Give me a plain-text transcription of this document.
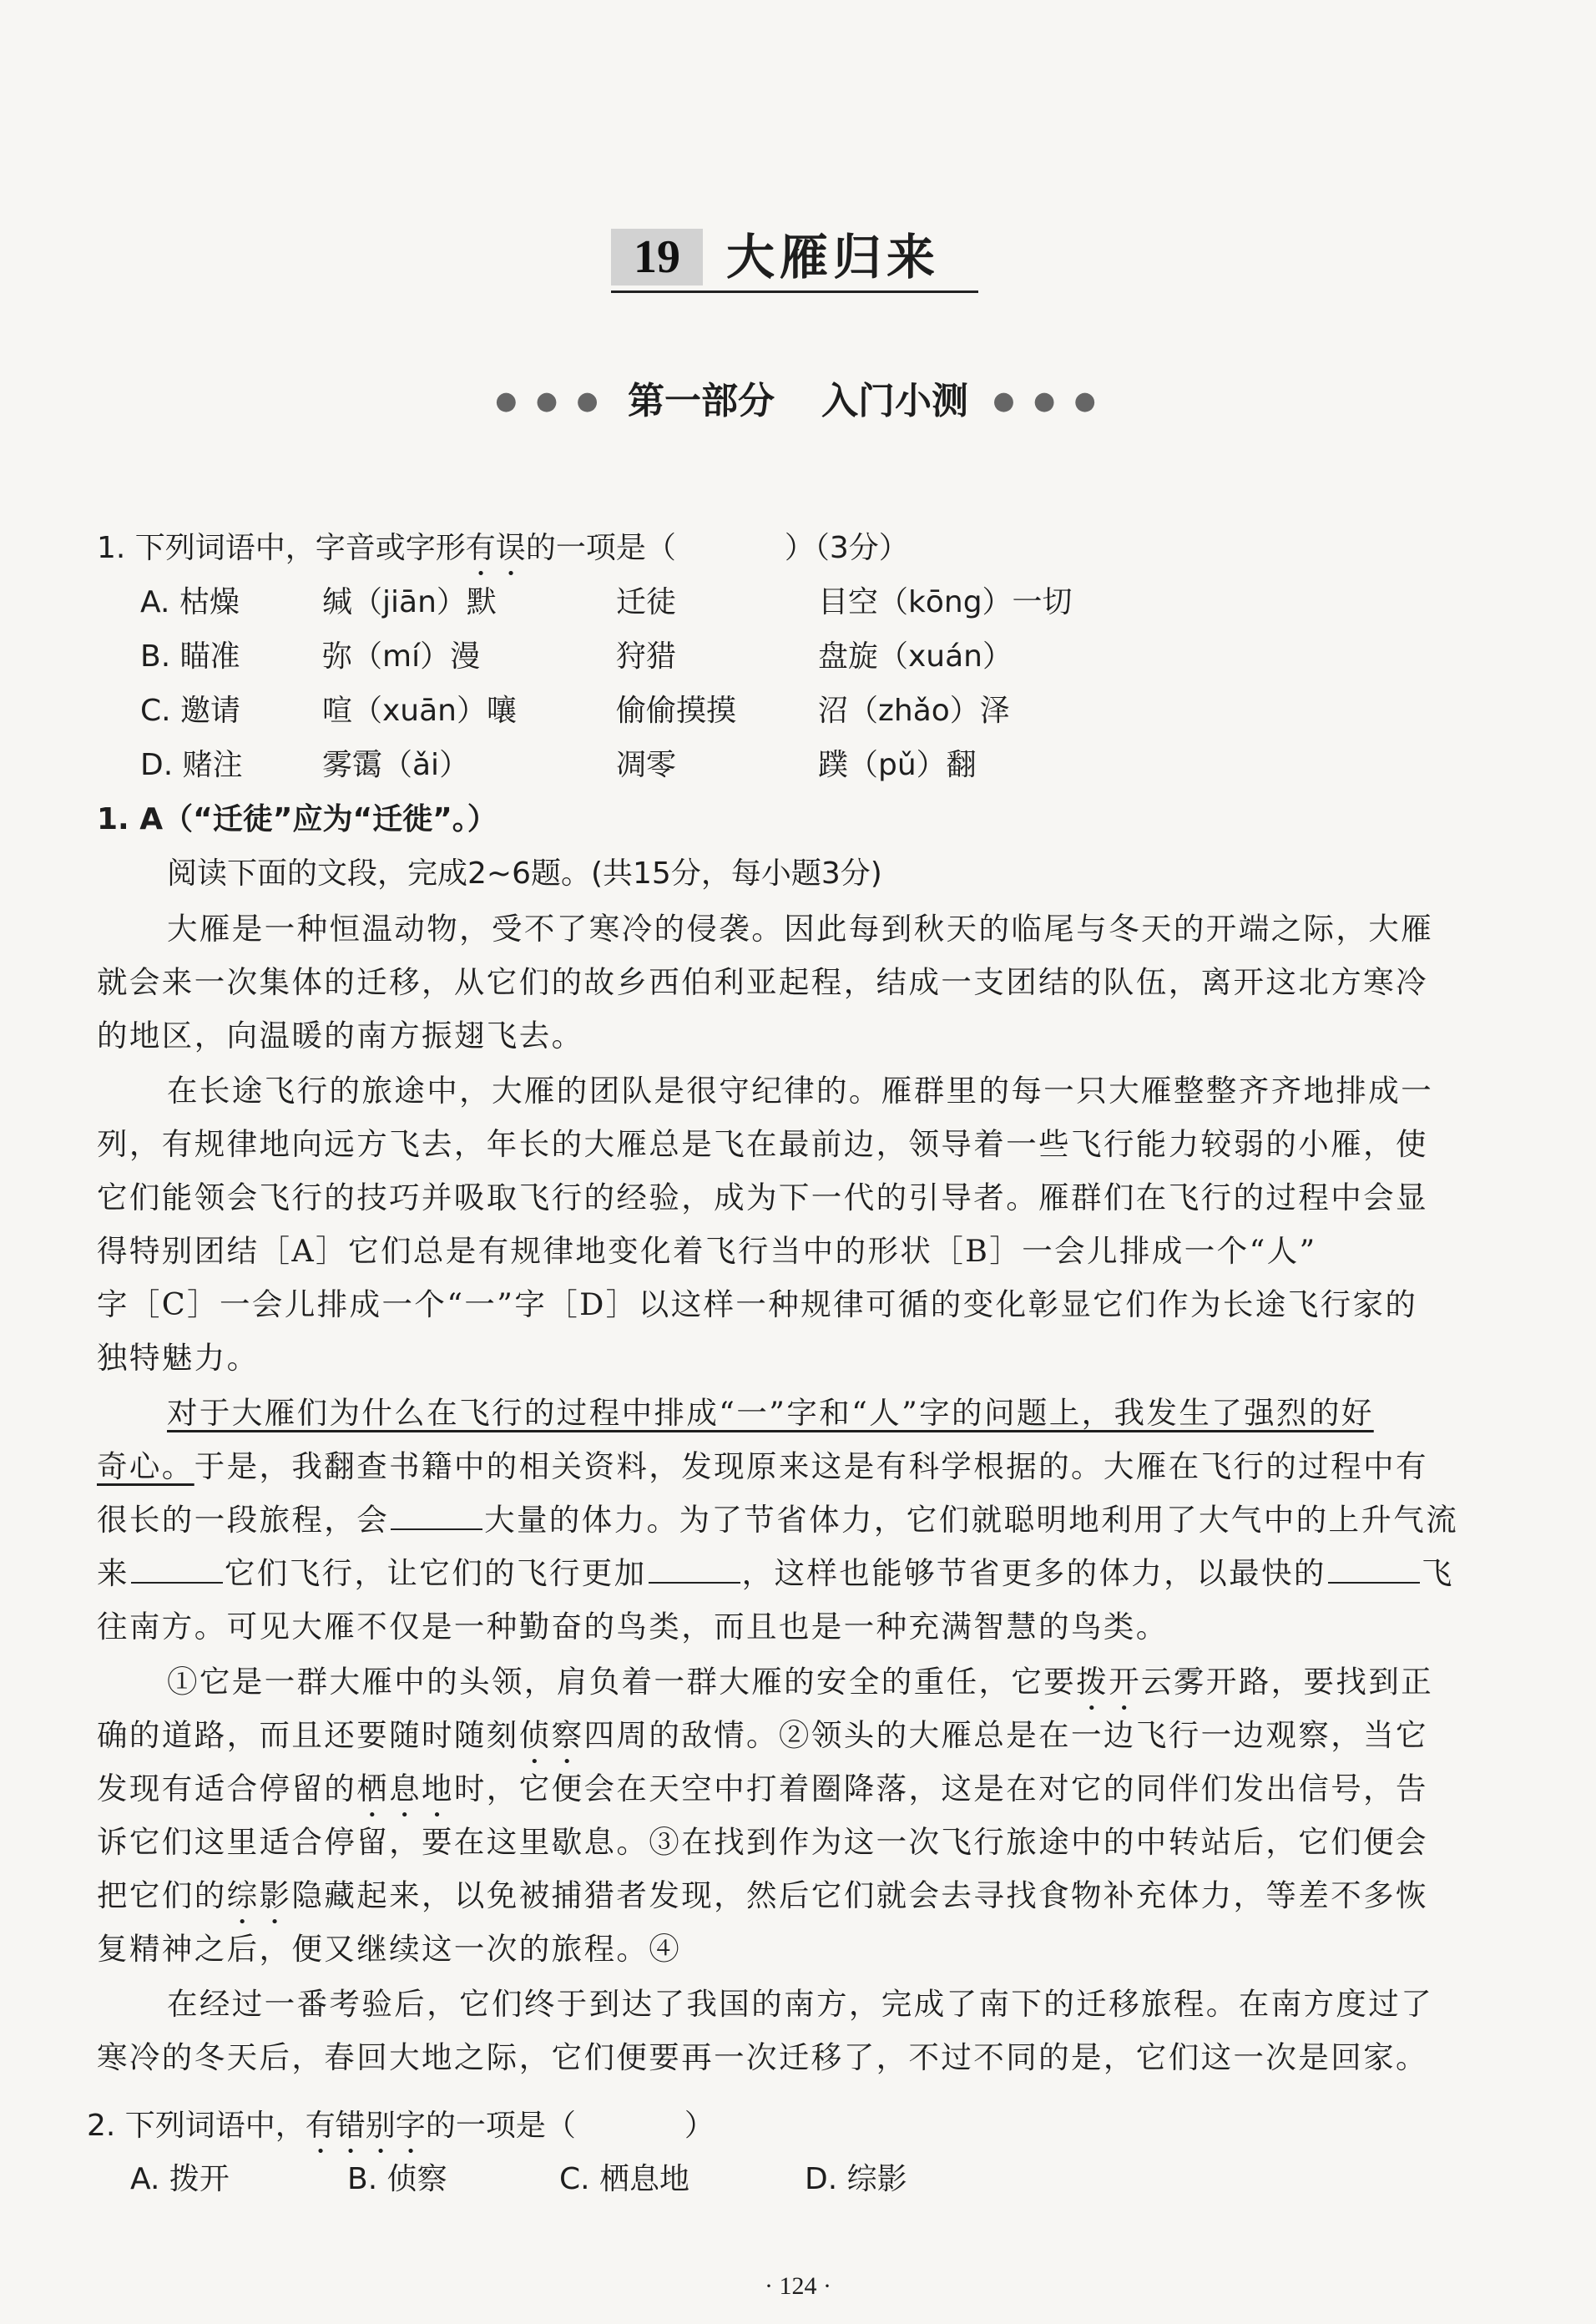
19 大雁归来
● ● ● 第一部分 入门小测 ● ● ●
1. 下列词语中，字音或字形有误的一项是（	）（3分）
A. 枯燥	缄（jiān）默	迁徒	目空（kōng）一切
B. 瞄准	弥（mí）漫	狩猎	盘旋（xuán）
C. 邀请	喧（xuān）嚷	偷偷摸摸	沼（zhǎo）泽
D. 赌注	雾霭（ǎi）	凋零	蹼（pǔ）翻
1. A（“迁徒”应为“迁徙”。）
阅读下面的文段，完成2~6题。(共15分，每小题3分)
大雁是一种恒温动物，受不了寒冷的侵袭。因此每到秋天的临尾与冬天的开端之际，大雁
就会来一次集体的迁移，从它们的故乡西伯利亚起程，结成一支团结的队伍，离开这北方寒冷
的地区，向温暖的南方振翅飞去。
在长途飞行的旅途中，大雁的团队是很守纪律的。雁群里的每一只大雁整整齐齐地排成一
列，有规律地向远方飞去，年长的大雁总是飞在最前边，领导着一些飞行能力较弱的小雁，使
它们能领会飞行的技巧并吸取飞行的经验，成为下一代的引导者。雁群们在飞行的过程中会显
得特别团结［A］它们总是有规律地变化着飞行当中的形状［B］一会儿排成一个“人”
字［C］一会儿排成一个“一”字［D］以这样一种规律可循的变化彰显它们作为长途飞行家的
独特魅力。
对于大雁们为什么在飞行的过程中排成“一”字和“人”字的问题上，我发生了强烈的好
奇心。于是，我翻查书籍中的相关资料，发现原来这是有科学根据的。大雁在飞行的过程中有
很长的一段旅程，会	大量的体力。为了节省体力，它们就聪明地利用了大气中的上升气流
来	它们飞行，让它们的飞行更加	，这样也能够节省更多的体力，以最快的	飞
往南方。可见大雁不仅是一种勤奋的鸟类，而且也是一种充满智慧的鸟类。
①它是一群大雁中的头领，肩负着一群大雁的安全的重任，它要拨开云雾开路，要找到正
确的道路，而且还要随时随刻侦察四周的敌情。②领头的大雁总是在一边飞行一边观察，当它
发现有适合停留的栖息地时，它便会在天空中打着圈降落，这是在对它的同伴们发出信号，告
诉它们这里适合停留，要在这里歇息。③在找到作为这一次飞行旅途中的中转站后，它们便会
把它们的综影隐藏起来，以免被捕猎者发现，然后它们就会去寻找食物补充体力，等差不多恢
复精神之后，便又继续这一次的旅程。④
在经过一番考验后，它们终于到达了我国的南方，完成了南下的迁移旅程。在南方度过了
寒冷的冬天后，春回大地之际，它们便要再一次迁移了，不过不同的是，它们这一次是回家。
2. 下列词语中，有错别字的一项是（	）
A. 拨开	B. 侦察	C. 栖息地	D. 综影
· 124 ·
